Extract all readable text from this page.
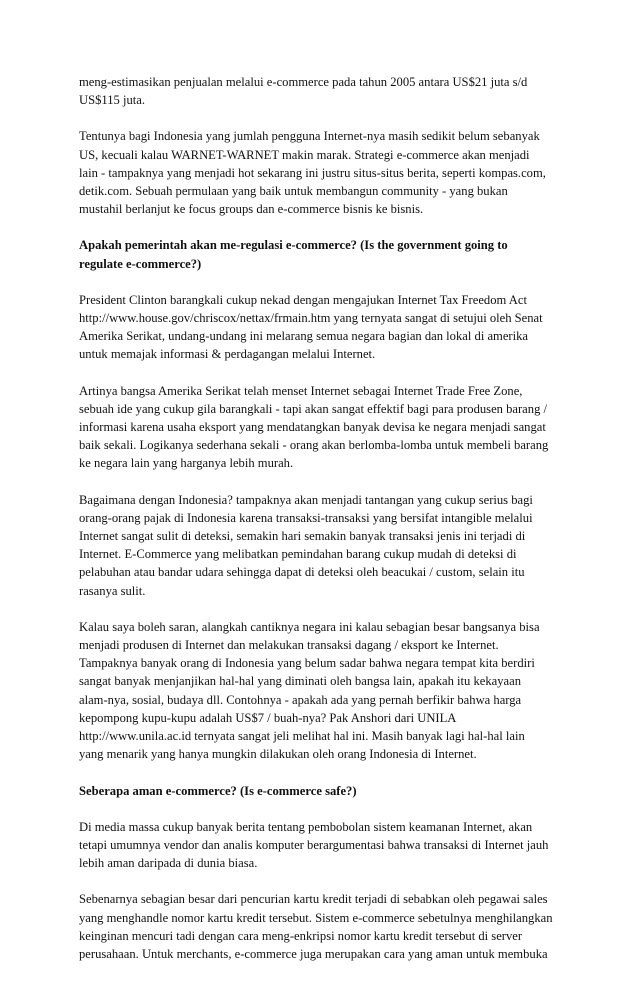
meng-estimasikan penjualan melalui e-commerce pada tahun 2005 antara US$21 juta s/d
US$115 juta.
Tentunya bagi Indonesia yang jumlah pengguna Internet-nya masih sedikit belum sebanyak
US, kecuali kalau WARNET-WARNET makin marak. Strategi e-commerce akan menjadi
lain - tampaknya yang menjadi hot sekarang ini justru situs-situs berita, seperti kompas.com,
detik.com. Sebuah permulaan yang baik untuk membangun community - yang bukan
mustahil berlanjut ke focus groups dan e-commerce bisnis ke bisnis.
Apakah pemerintah akan me-regulasi e-commerce? (Is the government going to
regulate e-commerce?)
President Clinton barangkali cukup nekad dengan mengajukan Internet Tax Freedom Act
http://www.house.gov/chriscox/nettax/frmain.htm yang ternyata sangat di setujui oleh Senat
Amerika Serikat, undang-undang ini melarang semua negara bagian dan lokal di amerika
untuk memajak informasi & perdagangan melalui Internet.
Artinya bangsa Amerika Serikat telah menset Internet sebagai Internet Trade Free Zone,
sebuah ide yang cukup gila barangkali - tapi akan sangat effektif bagi para produsen barang /
informasi karena usaha eksport yang mendatangkan banyak devisa ke negara menjadi sangat
baik sekali. Logikanya sederhana sekali - orang akan berlomba-lomba untuk membeli barang
ke negara lain yang harganya lebih murah.
Bagaimana dengan Indonesia? tampaknya akan menjadi tantangan yang cukup serius bagi
orang-orang pajak di Indonesia karena transaksi-transaksi yang bersifat intangible melalui
Internet sangat sulit di deteksi, semakin hari semakin banyak transaksi jenis ini terjadi di
Internet. E-Commerce yang melibatkan pemindahan barang cukup mudah di deteksi di
pelabuhan atau bandar udara sehingga dapat di deteksi oleh beacukai / custom, selain itu
rasanya sulit.
Kalau saya boleh saran, alangkah cantiknya negara ini kalau sebagian besar bangsanya bisa
menjadi produsen di Internet dan melakukan transaksi dagang / eksport ke Internet.
Tampaknya banyak orang di Indonesia yang belum sadar bahwa negara tempat kita berdiri
sangat banyak menjanjikan hal-hal yang diminati oleh bangsa lain, apakah itu kekayaan
alam-nya, sosial, budaya dll. Contohnya - apakah ada yang pernah berfikir bahwa harga
kepompong kupu-kupu adalah US$7 / buah-nya? Pak Anshori dari UNILA
http://www.unila.ac.id ternyata sangat jeli melihat hal ini. Masih banyak lagi hal-hal lain
yang menarik yang hanya mungkin dilakukan oleh orang Indonesia di Internet.
Seberapa aman e-commerce? (Is e-commerce safe?)
Di media massa cukup banyak berita tentang pembobolan sistem keamanan Internet, akan
tetapi umumnya vendor dan analis komputer berargumentasi bahwa transaksi di Internet jauh
lebih aman daripada di dunia biasa.
Sebenarnya sebagian besar dari pencurian kartu kredit terjadi di sebabkan oleh pegawai sales
yang menghandle nomor kartu kredit tersebut. Sistem e-commerce sebetulnya menghilangkan
keinginan mencuri tadi dengan cara meng-enkripsi nomor kartu kredit tersebut di server
perusahaan. Untuk merchants, e-commerce juga merupakan cara yang aman untuk membuka
